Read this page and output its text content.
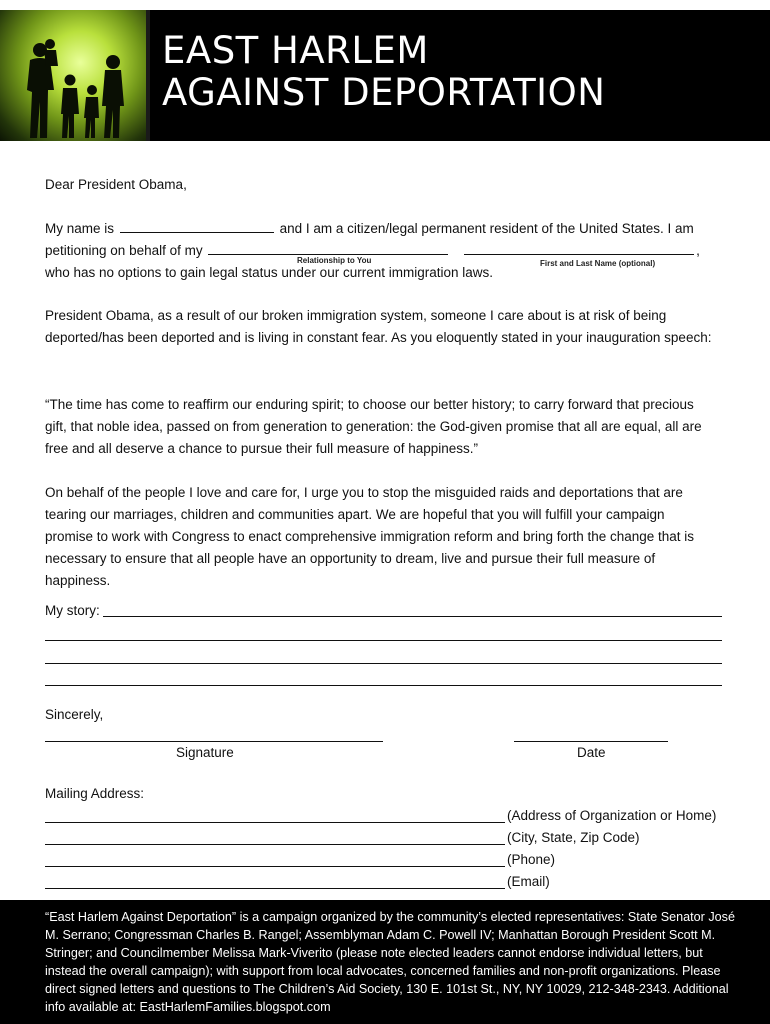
EAST HARLEM
AGAINST DEPORTATION
Dear President Obama,
My name is	and I am a citizen/legal permanent resident of the United States. I am
petitioning on behalf of my	,
Relationship to You	First and Last Name (optional)
who has no options to gain legal status under our current immigration laws.

President Obama, as a result of our broken immigration system, someone I care about is at risk of being deported/has been deported and is living in constant fear. As you eloquently stated in your inauguration speech:

“The time has come to reaffirm our enduring spirit; to choose our better history; to carry forward that precious gift, that noble idea, passed on from generation to generation: the God-given promise that all are equal, all are free and all deserve a chance to pursue their full measure of happiness.”

On behalf of the people I love and care for, I urge you to stop the misguided raids and deportations that are tearing our marriages, children and communities apart. We are hopeful that you will fulfill your campaign promise to work with Congress to enact comprehensive immigration reform and bring forth the change that is necessary to ensure that all people have an opportunity to dream, live and pursue their full measure of happiness.

My story:
Sincerely,
Signature	Date
Mailing Address:
(Address of Organization or Home)
(City, State, Zip Code)
(Phone)
(Email)

“East Harlem Against Deportation” is a campaign organized by the community’s elected representatives: State Senator José M. Serrano; Congressman Charles B. Rangel; Assemblyman Adam C. Powell IV; Manhattan Borough President Scott M. Stringer; and Councilmember Melissa Mark-Viverito (please note elected leaders cannot endorse individual letters, but instead the overall campaign); with support from local advocates, concerned families and non-profit organizations. Please direct signed letters and questions to The Children’s Aid Society, 130 E. 101st St., NY, NY 10029, 212-348-2343. Additional info available at: EastHarlemFamilies.blogspot.com
